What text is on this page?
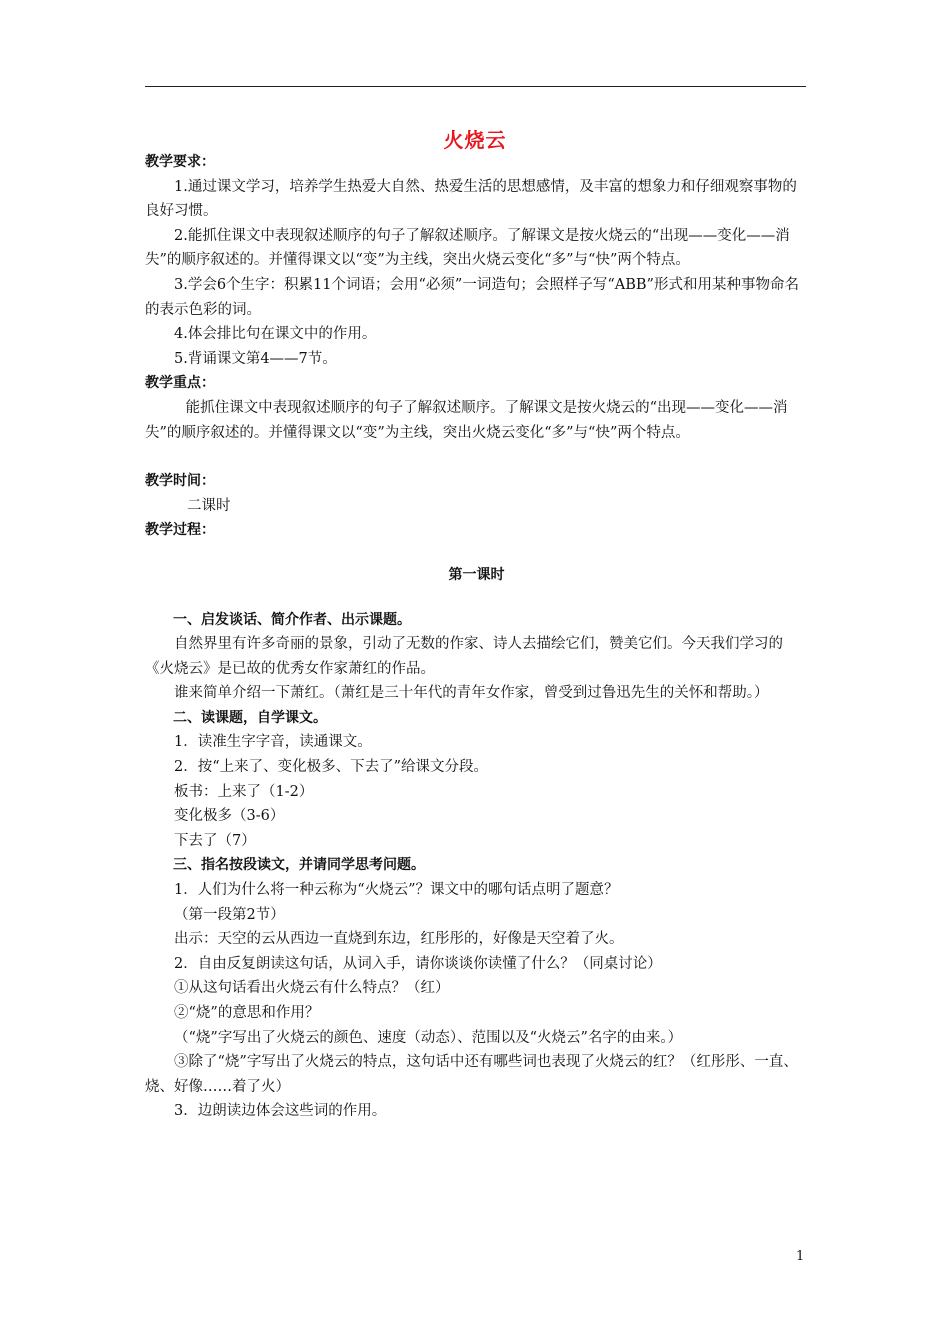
火烧云

教学要求：

1.通过课文学习，培养学生热爱大自然、热爱生活的思想感情，及丰富的想象力和仔细观察事物的良好习惯。

2.能抓住课文中表现叙述顺序的句子了解叙述顺序。了解课文是按火烧云的“出现——变化——消失”的顺序叙述的。并懂得课文以“变”为主线，突出火烧云变化“多”与“快”两个特点。

3.学会6个生字：积累11个词语；会用“必须”一词造句；会照样子写“ABB”形式和用某种事物命名的表示色彩的词。

4.体会排比句在课文中的作用。

5.背诵课文第4——7节。

教学重点：

能抓住课文中表现叙述顺序的句子了解叙述顺序。了解课文是按火烧云的“出现——变化——消失”的顺序叙述的。并懂得课文以“变”为主线，突出火烧云变化“多”与“快”两个特点。

教学时间：

二课时

教学过程：

第一课时

一、启发谈话、简介作者、出示课题。

自然界里有许多奇丽的景象，引动了无数的作家、诗人去描绘它们，赞美它们。今天我们学习的《火烧云》是已故的优秀女作家萧红的作品。

谁来简单介绍一下萧红。（萧红是三十年代的青年女作家，曾受到过鲁迅先生的关怀和帮助。）

二、读课题，自学课文。

1．读准生字字音，读通课文。

2．按“上来了、变化极多、下去了”给课文分段。

板书：上来了（1-2）

变化极多（3-6）

下去了（7）

三、指名按段读文，并请同学思考问题。

1．人们为什么将一种云称为“火烧云”？课文中的哪句话点明了题意？

（第一段第2节）

出示：天空的云从西边一直烧到东边，红彤彤的，好像是天空着了火。

2．自由反复朗读这句话，从词入手，请你谈谈你读懂了什么？（同桌讨论）

①从这句话看出火烧云有什么特点？（红）

②“烧”的意思和作用？

（“烧”字写出了火烧云的颜色、速度（动态）、范围以及“火烧云”名字的由来。）

③除了“烧”字写出了火烧云的特点，这句话中还有哪些词也表现了火烧云的红？（红彤彤、一直、烧、好像……着了火）

3．边朗读边体会这些词的作用。

1
